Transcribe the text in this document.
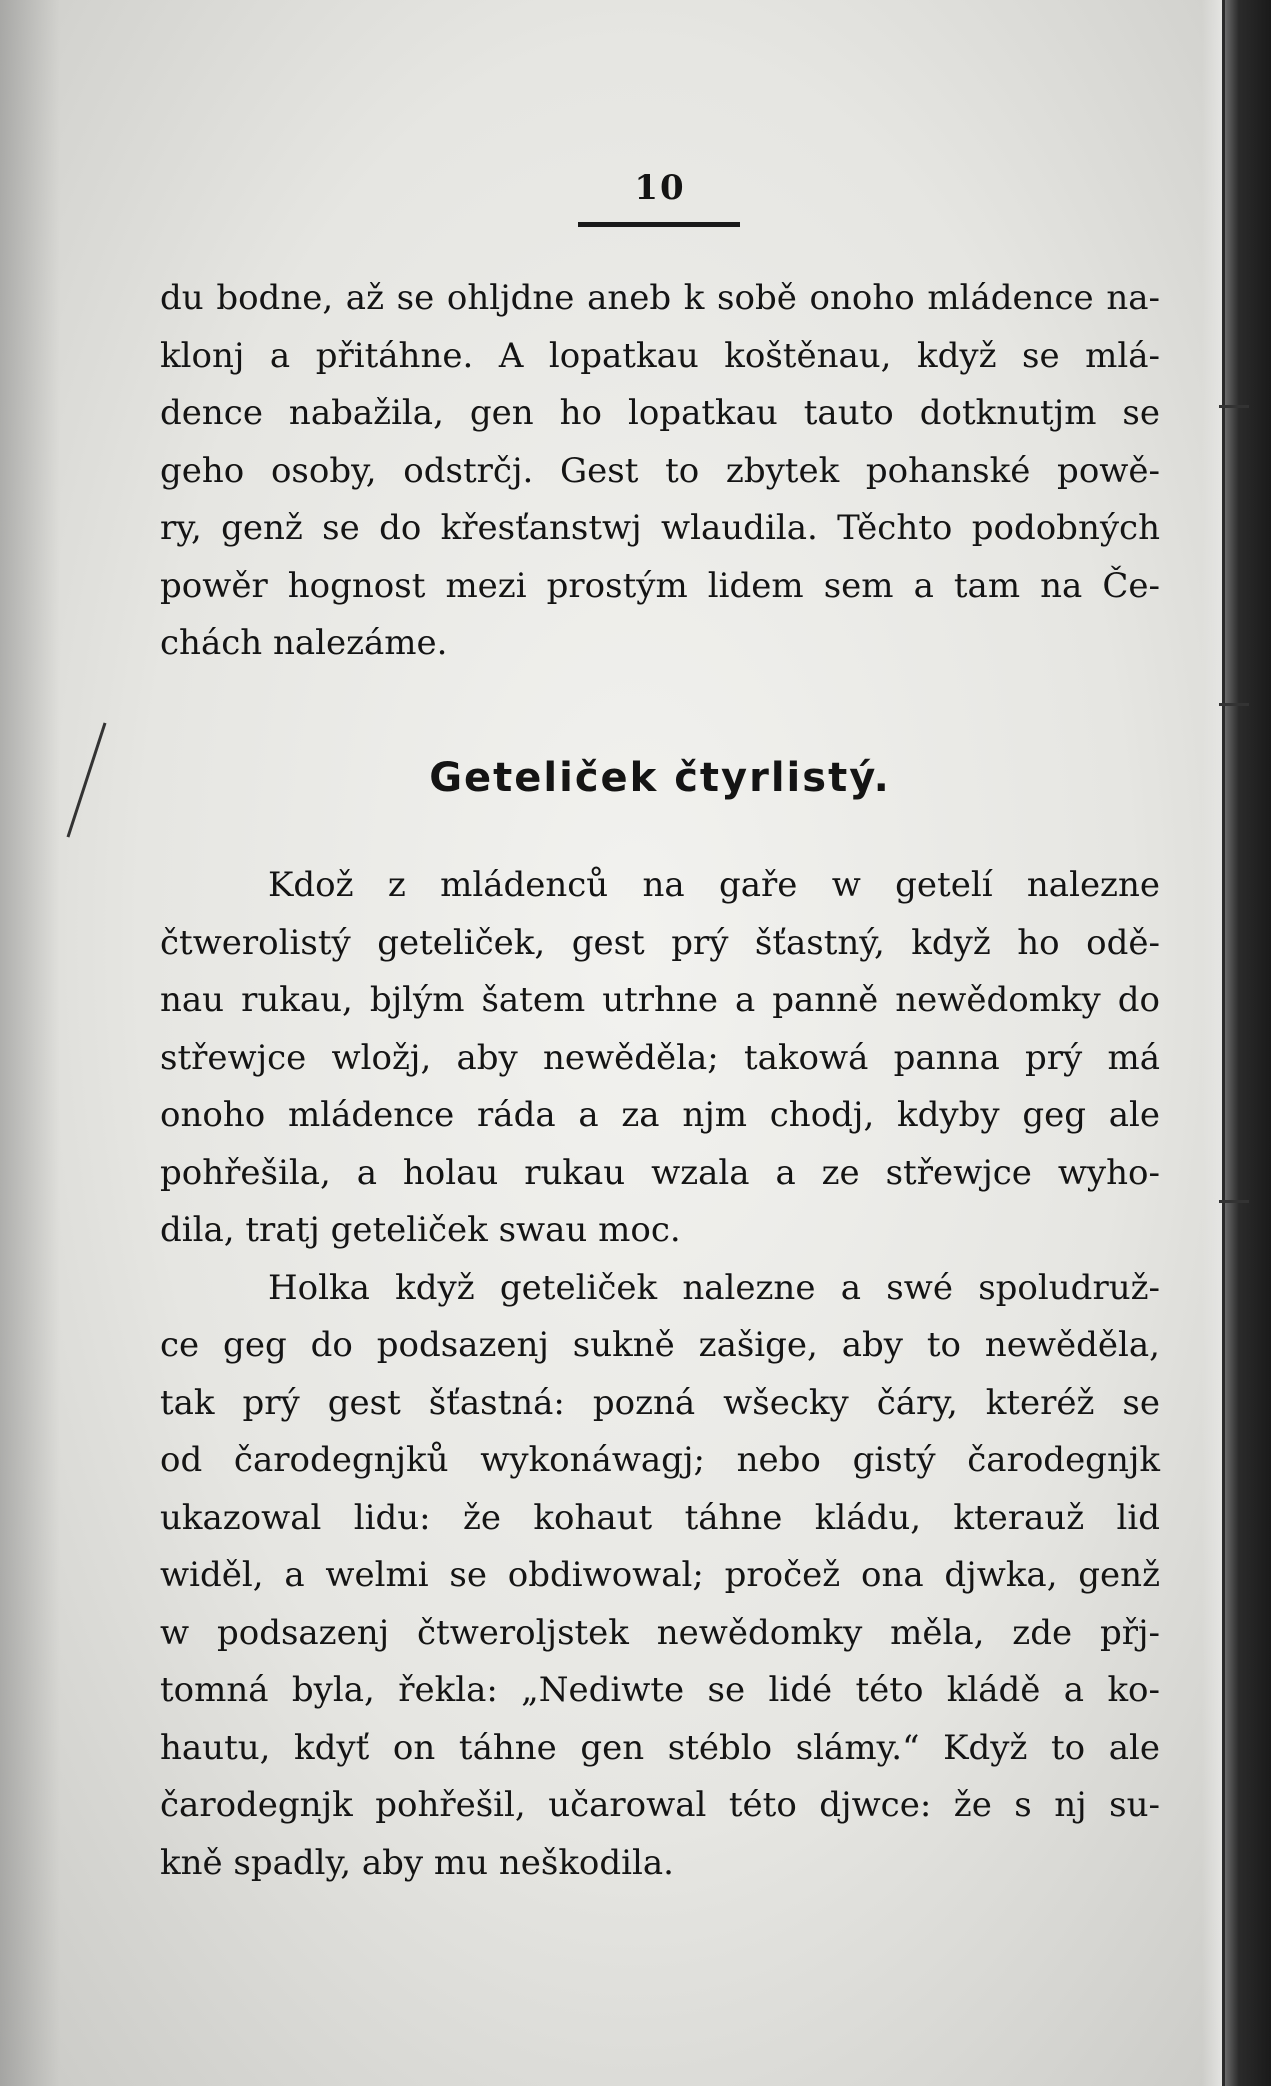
10
du bodne, až se ohljdne aneb k sobě onoho mládence na-
klonj a přitáhne. A lopatkau koštěnau, když se mlá-
dence nabažila, gen ho lopatkau tauto dotknutjm se
geho osoby, odstrčj. Gest to zbytek pohanské powě-
ry, genž se do křesťanstwj wlaudila. Těchto podobných
powěr hognost mezi prostým lidem sem a tam na Če-
chách nalezáme.
Geteliček čtyrlistý.
Kdož z mládenců na gaře w getelí nalezne
čtwerolistý geteliček, gest prý šťastný, když ho odě-
nau rukau, bjlým šatem utrhne a panně newědomky do
střewjce wložj, aby newěděla; takowá panna prý má
onoho mládence ráda a za njm chodj, kdyby geg ale
pohřešila, a holau rukau wzala a ze střewjce wyho-
dila, tratj geteliček swau moc.
Holka když geteliček nalezne a swé spoludruž-
ce geg do podsazenj sukně zašige, aby to newěděla,
tak prý gest šťastná: pozná wšecky čáry, kteréž se
od čarodegnjků wykonáwagj; nebo gistý čarodegnjk
ukazowal lidu: že kohaut táhne kládu, kterauž lid
widěl, a welmi se obdiwowal; pročež ona djwka, genž
w podsazenj čtweroljstek newědomky měla, zde přj-
tomná byla, řekla: „Nediwte se lidé této kládě a ko-
hautu, kdyť on táhne gen stéblo slámy.“ Když to ale
čarodegnjk pohřešil, učarowal této djwce: že s nj su-
kně spadly, aby mu neškodila.
